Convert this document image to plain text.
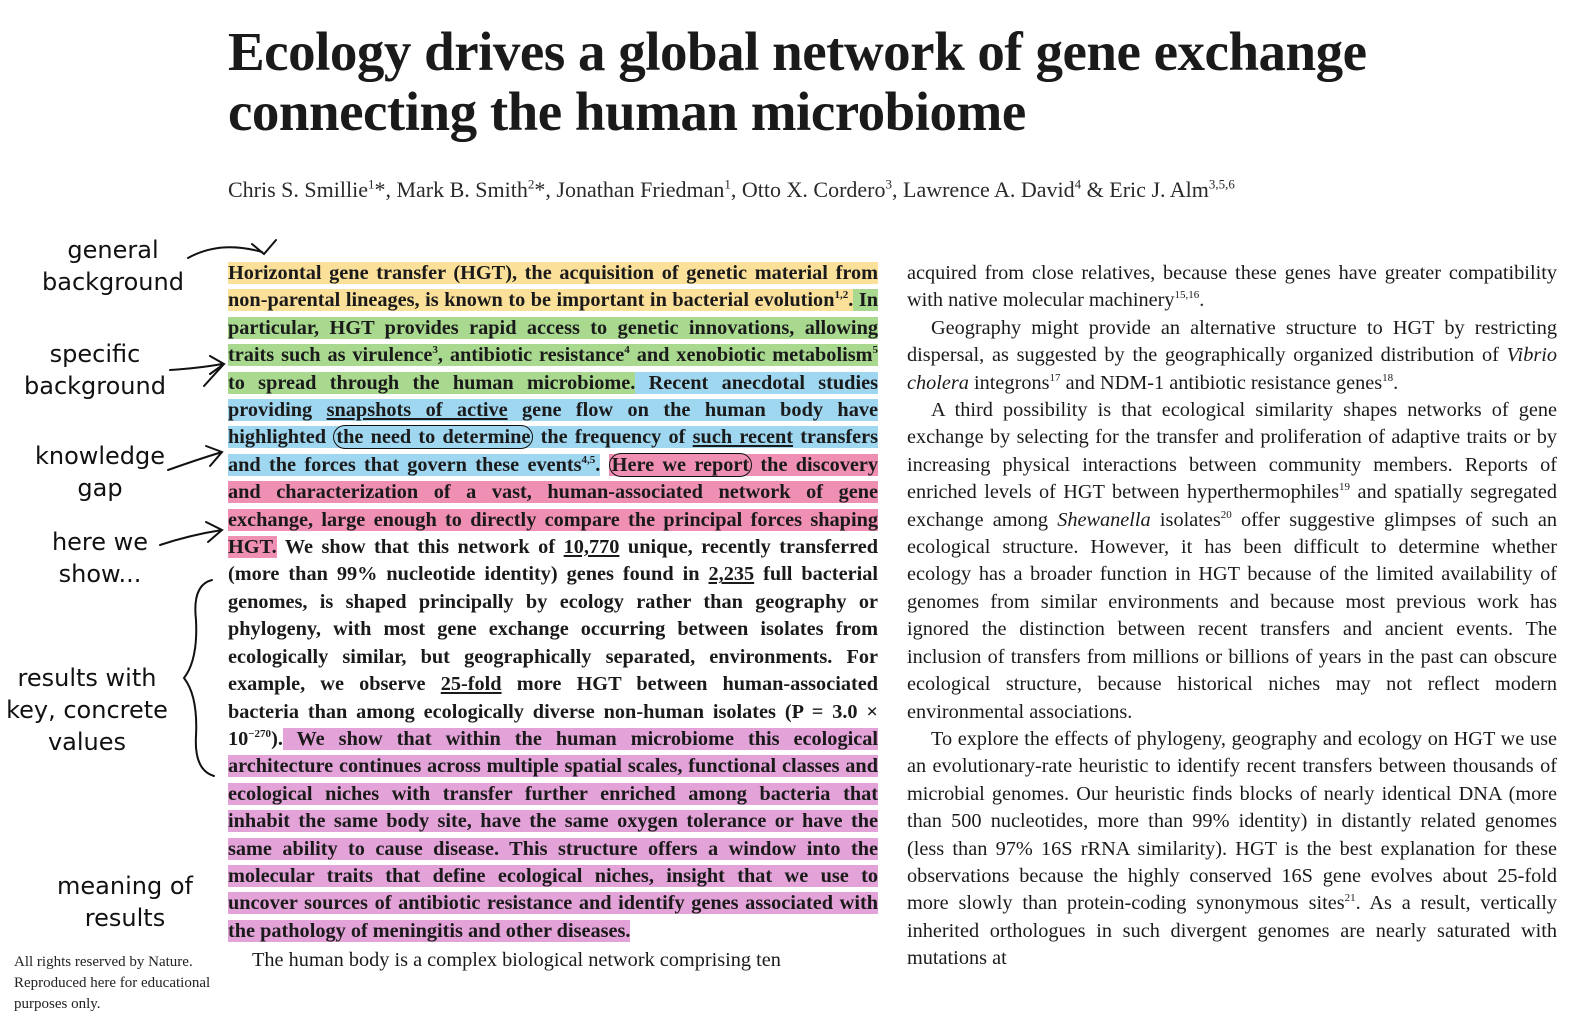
Ecology drives a global network of gene exchange
connecting the human microbiome
Chris S. Smillie$^1$*, Mark B. Smith$^2$*, Jonathan Friedman$^1$, Otto X. Cordero$^3$, Lawrence A. David$^4$ & Eric J. Alm$^{3,5,6}$
general background
specific background
knowledge gap
here we show...
results with key, concrete values
meaning of results
All rights reserved by Nature. Reproduced here for educational purposes only.

Horizontal gene transfer (HGT), the acquisition of genetic material from non-parental lineages, is known to be important in bacterial evolution$^{1,2}$. In particular, HGT provides rapid access to genetic innovations, allowing traits such as virulence$^3$, antibiotic resistance$^4$ and xenobiotic metabolism$^5$ to spread through the human microbiome. Recent anecdotal studies providing snapshots of active gene flow on the human body have highlighted the need to determine the frequency of such recent transfers and the forces that govern these events$^{4,5}$. Here we report the discovery and characterization of a vast, human-associated network of gene exchange, large enough to directly compare the principal forces shaping HGT. We show that this network of 10,770 unique, recently transferred (more than 99% nucleotide identity) genes found in 2,235 full bacterial genomes, is shaped principally by ecology rather than geography or phylogeny, with most gene exchange occurring between isolates from ecologically similar, but geographically separated, environments. For example, we observe 25-fold more HGT between human-associated bacteria than among ecologically diverse non-human isolates $(P = 3.0 \times 10^{-270})$. We show that within the human microbiome this ecological architecture continues across multiple spatial scales, functional classes and ecological niches with transfer further enriched among bacteria that inhabit the same body site, have the same oxygen tolerance or have the same ability to cause disease. This structure offers a window into the molecular traits that define ecological niches, insight that we use to uncover sources of antibiotic resistance and identify genes associated with the pathology of meningitis and other diseases.

The human body is a complex biological network comprising ten

acquired from close relatives, because these genes have greater compatibility with native molecular machinery$^{15,16}$.

Geography might provide an alternative structure to HGT by restricting dispersal, as suggested by the geographically organized distribution of Vibrio cholera integrons$^{17}$ and NDM-1 antibiotic resistance genes$^{18}$.

A third possibility is that ecological similarity shapes networks of gene exchange by selecting for the transfer and proliferation of adaptive traits or by increasing physical interactions between community members. Reports of enriched levels of HGT between hyperthermophiles$^{19}$ and spatially segregated exchange among Shewanella isolates$^{20}$ offer suggestive glimpses of such an ecological structure. However, it has been difficult to determine whether ecology has a broader function in HGT because of the limited availability of genomes from similar environments and because most previous work has ignored the distinction between recent transfers and ancient events. The inclusion of transfers from millions or billions of years in the past can obscure ecological structure, because historical niches may not reflect modern environmental associations.

To explore the effects of phylogeny, geography and ecology on HGT we use an evolutionary-rate heuristic to identify recent transfers between thousands of microbial genomes. Our heuristic finds blocks of nearly identical DNA (more than 500 nucleotides, more than 99% identity) in distantly related genomes (less than 97% 16S rRNA similarity). HGT is the best explanation for these observations because the highly conserved 16S gene evolves about 25-fold more slowly than protein-coding synonymous sites$^{21}$. As a result, vertically inherited orthologues in such divergent genomes are nearly saturated with mutations at
